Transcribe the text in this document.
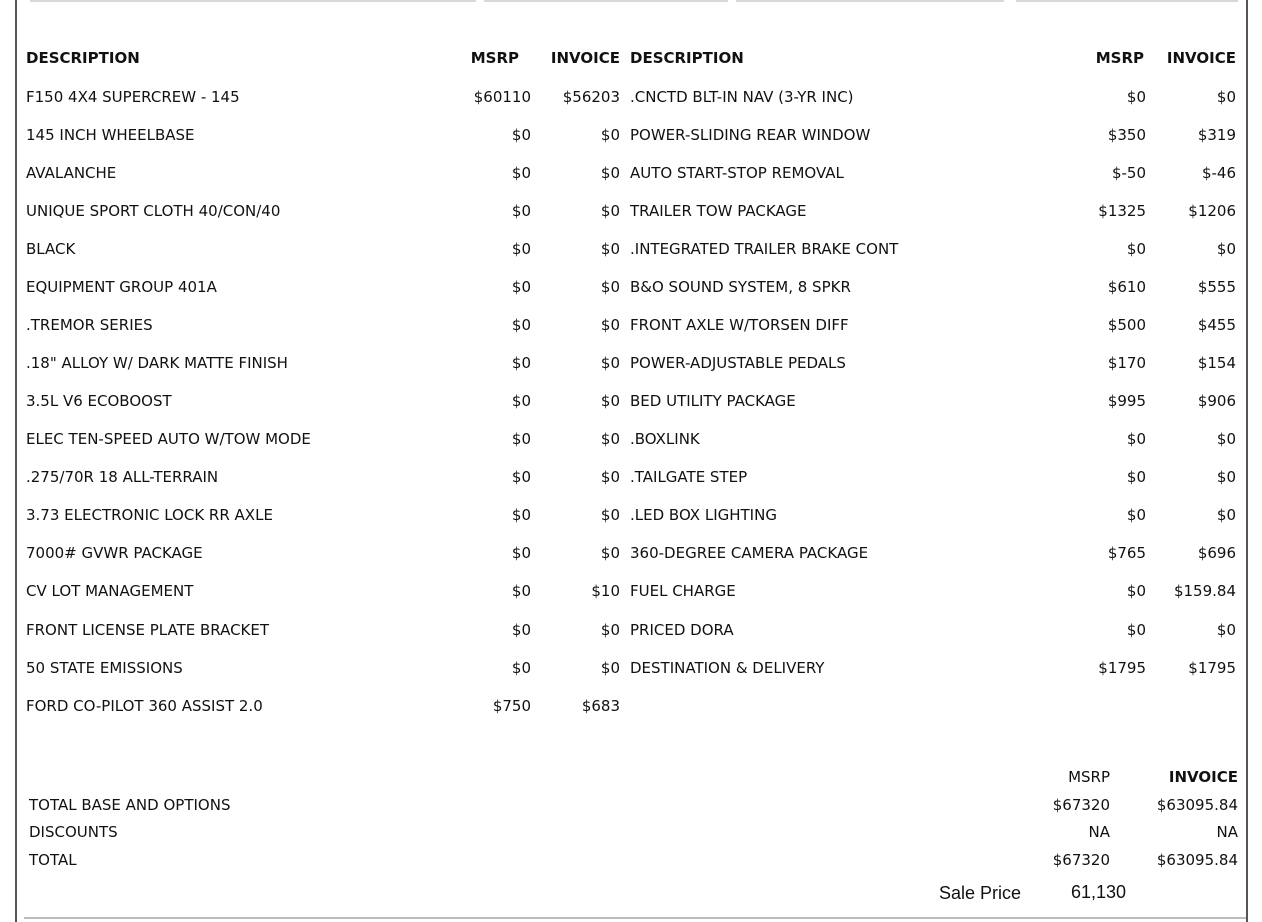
DESCRIPTION	MSRP	INVOICE DESCRIPTION	MSRP	INVOICE
F150 4X4 SUPERCREW - 145	$60110	$56203
145 INCH WHEELBASE	$0	$0
AVALANCHE	$0	$0
UNIQUE SPORT CLOTH 40/CON/40	$0	$0
BLACK	$0	$0
EQUIPMENT GROUP 401A	$0	$0
.TREMOR SERIES	$0	$0
.18" ALLOY W/ DARK MATTE FINISH	$0	$0
3.5L V6 ECOBOOST	$0	$0
ELEC TEN-SPEED AUTO W/TOW MODE	$0	$0
.275/70R 18 ALL-TERRAIN	$0	$0
3.73 ELECTRONIC LOCK RR AXLE	$0	$0
7000# GVWR PACKAGE	$0	$0
CV LOT MANAGEMENT	$0	$10
FRONT LICENSE PLATE BRACKET	$0	$0
50 STATE EMISSIONS	$0	$0
FORD CO-PILOT 360 ASSIST 2.0	$750	$683
.CNCTD BLT-IN NAV (3-YR INC)	$0	$0
POWER-SLIDING REAR WINDOW	$350	$319
AUTO START-STOP REMOVAL	$-50	$-46
TRAILER TOW PACKAGE	$1325	$1206
.INTEGRATED TRAILER BRAKE CONT	$0	$0
B&O SOUND SYSTEM, 8 SPKR	$610	$555
FRONT AXLE W/TORSEN DIFF	$500	$455
POWER-ADJUSTABLE PEDALS	$170	$154
BED UTILITY PACKAGE	$995	$906
.BOXLINK	$0	$0
.TAILGATE STEP	$0	$0
.LED BOX LIGHTING	$0	$0
360-DEGREE CAMERA PACKAGE	$765	$696
FUEL CHARGE	$0	$159.84
PRICED DORA	$0	$0
DESTINATION & DELIVERY	$1795	$1795
MSRP	INVOICE
TOTAL BASE AND OPTIONS	$67320	$63095.84
DISCOUNTS	NA	NA
TOTAL	$67320	$63095.84
Sale Price	61,130
